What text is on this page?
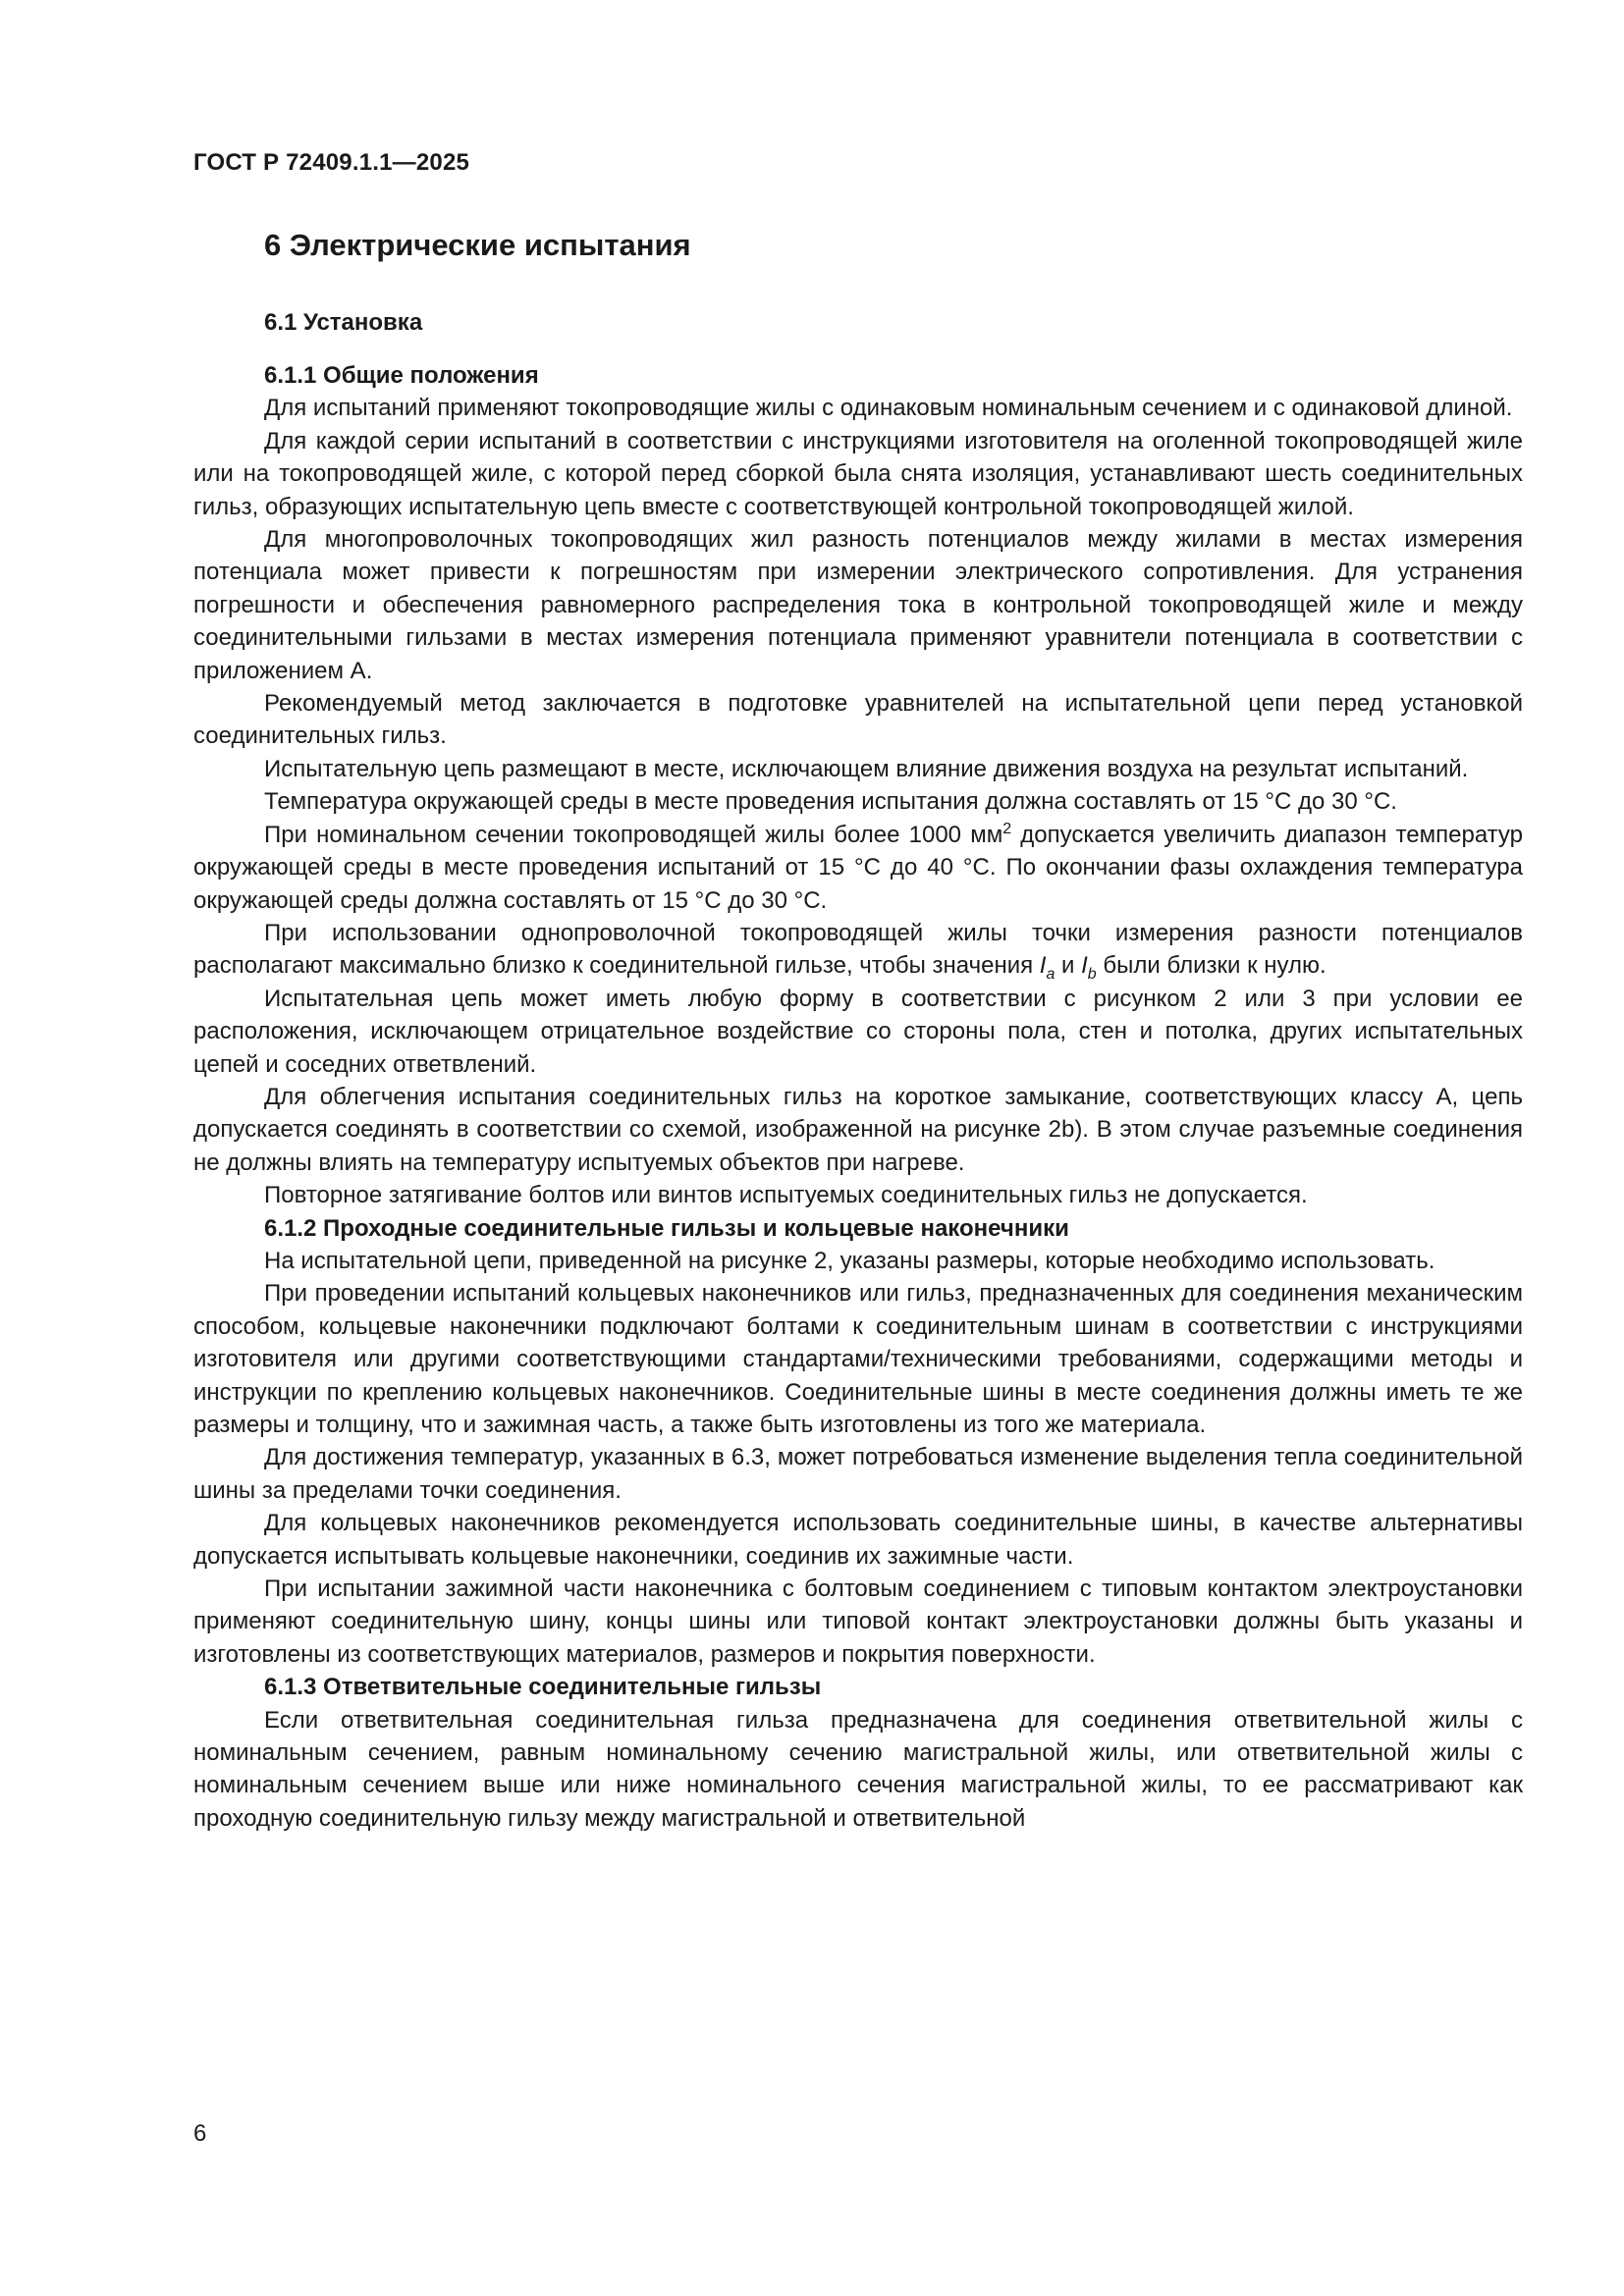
ГОСТ Р 72409.1.1—2025
6 Электрические испытания
6.1 Установка
6.1.1 Общие положения

Для испытаний применяют токопроводящие жилы с одинаковым номинальным сечением и с одинаковой длиной.

Для каждой серии испытаний в соответствии с инструкциями изготовителя на оголенной токопроводящей жиле или на токопроводящей жиле, с которой перед сборкой была снята изоляция, устанавливают шесть соединительных гильз, образующих испытательную цепь вместе с соответствующей контрольной токопроводящей жилой.

Для многопроволочных токопроводящих жил разность потенциалов между жилами в местах измерения потенциала может привести к погрешностям при измерении электрического сопротивления. Для устранения погрешности и обеспечения равномерного распределения тока в контрольной токопроводящей жиле и между соединительными гильзами в местах измерения потенциала применяют уравнители потенциала в соответствии с приложением А.

Рекомендуемый метод заключается в подготовке уравнителей на испытательной цепи перед установкой соединительных гильз.

Испытательную цепь размещают в месте, исключающем влияние движения воздуха на результат испытаний.

Температура окружающей среды в месте проведения испытания должна составлять от 15 °С до 30 °С.

При номинальном сечении токопроводящей жилы более 1000 $мм^2$ допускается увеличить диапазон температур окружающей среды в месте проведения испытаний от 15 °С до 40 °С. По окончании фазы охлаждения температура окружающей среды должна составлять от 15 °С до 30 °С.

При использовании однопроволочной токопроводящей жилы точки измерения разности потенциалов располагают максимально близко к соединительной гильзе, чтобы значения $I_a$ и $I_b$ были близки к нулю.

Испытательная цепь может иметь любую форму в соответствии с рисунком 2 или 3 при условии ее расположения, исключающем отрицательное воздействие со стороны пола, стен и потолка, других испытательных цепей и соседних ответвлений.

Для облегчения испытания соединительных гильз на короткое замыкание, соответствующих классу А, цепь допускается соединять в соответствии со схемой, изображенной на рисунке 2b). В этом случае разъемные соединения не должны влиять на температуру испытуемых объектов при нагреве.

Повторное затягивание болтов или винтов испытуемых соединительных гильз не допускается.

6.1.2 Проходные соединительные гильзы и кольцевые наконечники

На испытательной цепи, приведенной на рисунке 2, указаны размеры, которые необходимо использовать.

При проведении испытаний кольцевых наконечников или гильз, предназначенных для соединения механическим способом, кольцевые наконечники подключают болтами к соединительным шинам в соответствии с инструкциями изготовителя или другими соответствующими стандартами/техническими требованиями, содержащими методы и инструкции по креплению кольцевых наконечников. Соединительные шины в месте соединения должны иметь те же размеры и толщину, что и зажимная часть, а также быть изготовлены из того же материала.

Для достижения температур, указанных в 6.3, может потребоваться изменение выделения тепла соединительной шины за пределами точки соединения.

Для кольцевых наконечников рекомендуется использовать соединительные шины, в качестве альтернативы допускается испытывать кольцевые наконечники, соединив их зажимные части.

При испытании зажимной части наконечника с болтовым соединением с типовым контактом электроустановки применяют соединительную шину, концы шины или типовой контакт электроустановки должны быть указаны и изготовлены из соответствующих материалов, размеров и покрытия поверхности.

6.1.3 Ответвительные соединительные гильзы

Если ответвительная соединительная гильза предназначена для соединения ответвительной жилы с номинальным сечением, равным номинальному сечению магистральной жилы, или ответвительной жилы с номинальным сечением выше или ниже номинального сечения магистральной жилы, то ее рассматривают как проходную соединительную гильзу между магистральной и ответвительной

6
